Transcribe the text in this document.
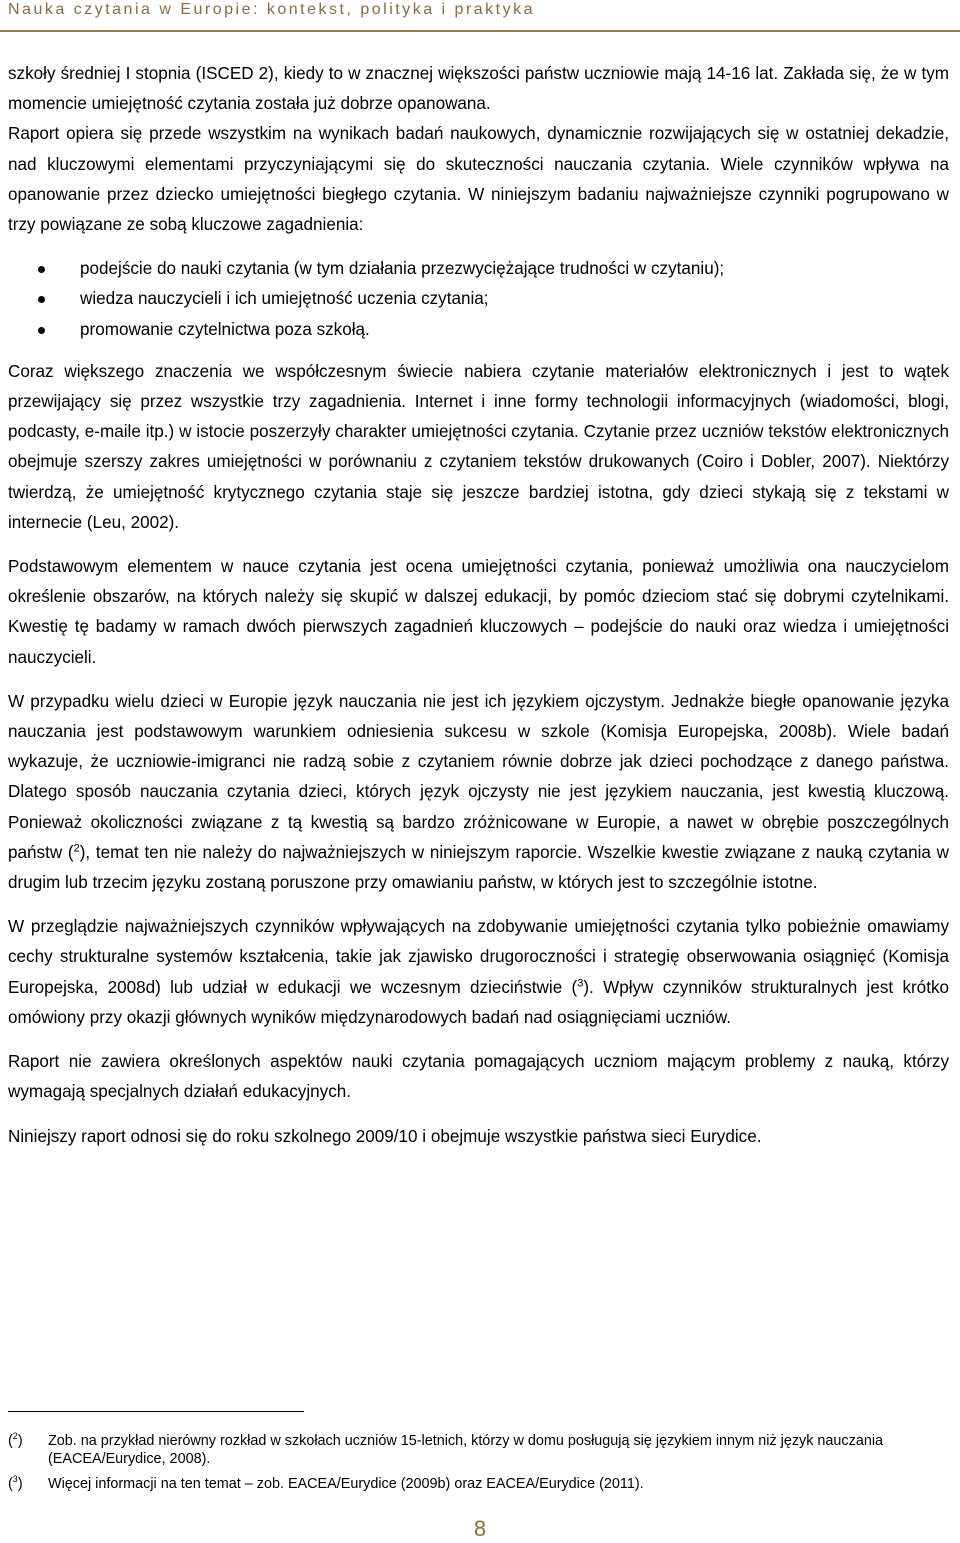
Nauka czytania w Europie: kontekst, polityka i praktyka

szkoły średniej I stopnia (ISCED 2), kiedy to w znacznej większości państw uczniowie mają 14-16 lat. Zakłada się, że w tym momencie umiejętność czytania została już dobrze opanowana.

Raport opiera się przede wszystkim na wynikach badań naukowych, dynamicznie rozwijających się w ostatniej dekadzie, nad kluczowymi elementami przyczyniającymi się do skuteczności nauczania czytania. Wiele czynników wpływa na opanowanie przez dziecko umiejętności biegłego czytania. W niniejszym badaniu najważniejsze czynniki pogrupowano w trzy powiązane ze sobą kluczowe zagadnienia:

podejście do nauki czytania (w tym działania przezwyciężające trudności w czytaniu);
wiedza nauczycieli i ich umiejętność uczenia czytania;
promowanie czytelnictwa poza szkołą.

Coraz większego znaczenia we współczesnym świecie nabiera czytanie materiałów elektronicznych i jest to wątek przewijający się przez wszystkie trzy zagadnienia. Internet i inne formy technologii informacyjnych (wiadomości, blogi, podcasty, e-maile itp.) w istocie poszerzyły charakter umiejętności czytania. Czytanie przez uczniów tekstów elektronicznych obejmuje szerszy zakres umiejętności w porównaniu z czytaniem tekstów drukowanych (Coiro i Dobler, 2007). Niektórzy twierdzą, że umiejętność krytycznego czytania staje się jeszcze bardziej istotna, gdy dzieci stykają się z tekstami w internecie (Leu, 2002).

Podstawowym elementem w nauce czytania jest ocena umiejętności czytania, ponieważ umożliwia ona nauczycielom określenie obszarów, na których należy się skupić w dalszej edukacji, by pomóc dzieciom stać się dobrymi czytelnikami. Kwestię tę badamy w ramach dwóch pierwszych zagadnień kluczowych – podejście do nauki oraz wiedza i umiejętności nauczycieli.

W przypadku wielu dzieci w Europie język nauczania nie jest ich językiem ojczystym. Jednakże biegłe opanowanie języka nauczania jest podstawowym warunkiem odniesienia sukcesu w szkole (Komisja Europejska, 2008b). Wiele badań wykazuje, że uczniowie-imigranci nie radzą sobie z czytaniem równie dobrze jak dzieci pochodzące z danego państwa. Dlatego sposób nauczania czytania dzieci, których język ojczysty nie jest językiem nauczania, jest kwestią kluczową. Ponieważ okoliczności związane z tą kwestią są bardzo zróżnicowane w Europie, a nawet w obrębie poszczególnych państw ($^2$), temat ten nie należy do najważniejszych w niniejszym raporcie. Wszelkie kwestie związane z nauką czytania w drugim lub trzecim języku zostaną poruszone przy omawianiu państw, w których jest to szczególnie istotne.

W przeglądzie najważniejszych czynników wpływających na zdobywanie umiejętności czytania tylko pobieżnie omawiamy cechy strukturalne systemów kształcenia, takie jak zjawisko drugoroczności i strategię obserwowania osiągnięć (Komisja Europejska, 2008d) lub udział w edukacji we wczesnym dzieciństwie ($^3$). Wpływ czynników strukturalnych jest krótko omówiony przy okazji głównych wyników międzynarodowych badań nad osiągnięciami uczniów.

Raport nie zawiera określonych aspektów nauki czytania pomagających uczniom mającym problemy z nauką, którzy wymagają specjalnych działań edukacyjnych.

Niniejszy raport odnosi się do roku szkolnego 2009/10 i obejmuje wszystkie państwa sieci Eurydice.

($^2$) Zob. na przykład nierówny rozkład w szkołach uczniów 15-letnich, którzy w domu posługują się językiem innym niż język nauczania (EACEA/Eurydice, 2008).
($^3$) Więcej informacji na ten temat – zob. EACEA/Eurydice (2009b) oraz EACEA/Eurydice (2011).
8
